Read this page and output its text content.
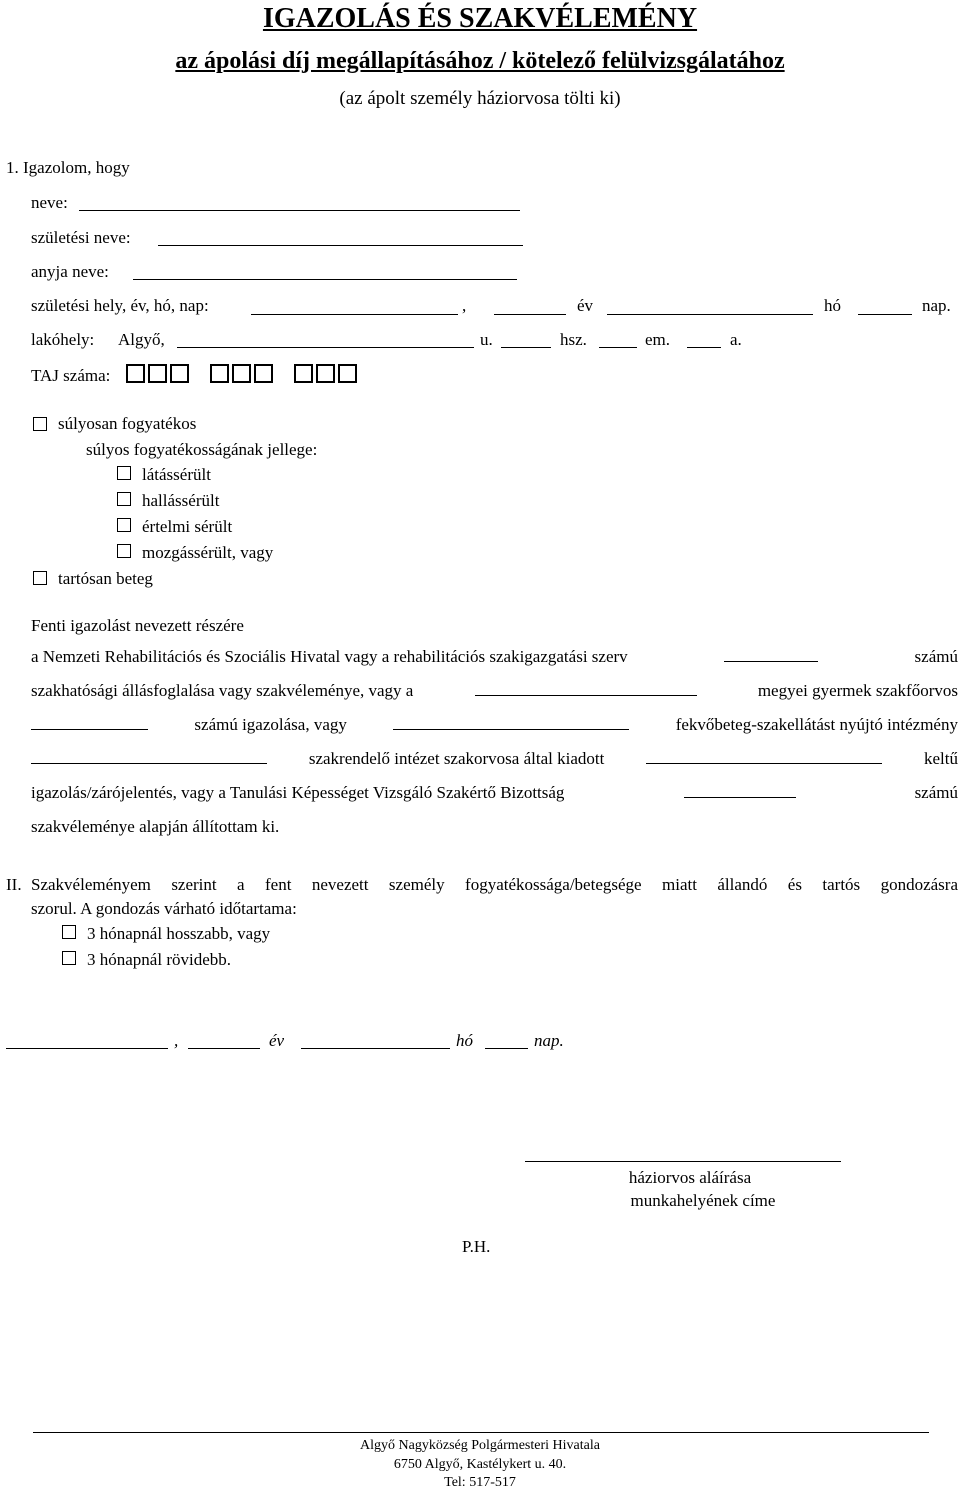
IGAZOLÁS ÉS SZAKVÉLEMÉNY
az ápolási díj megállapításához / kötelező felülvizsgálatához
(az ápolt személy háziorvosa tölti ki)
1. Igazolom, hogy
neve:
születési neve:
anyja neve:
születési hely, év, hó, nap:	,	év	hó	nap.
lakóhely: Algyő,	u.	hsz.	em.	a.
TAJ száma:
súlyosan fogyatékos
súlyos fogyatékosságának jellege:
látássérült
hallássérült
értelmi sérült
mozgássérült, vagy
tartósan beteg
Fenti igazolást nevezett részére
a Nemzeti Rehabilitációs és Szociális Hivatal vagy a rehabilitációs szakigazgatási szerv	számú
szakhatósági állásfoglalása vagy szakvéleménye, vagy a	megyei gyermek szakfőorvos
számú igazolása, vagy	fekvőbeteg-szakellátást nyújtó intézmény
szakrendelő intézet szakorvosa által kiadott	keltű
igazolás/zárójelentés, vagy a Tanulási Képességet Vizsgáló Szakértő Bizottság	számú
szakvéleménye alapján állítottam ki.
II. Szakvéleményem szerint a fent nevezett személy fogyatékossága/betegsége miatt állandó és tartós gondozásra
szorul. A gondozás várható időtartama:
3 hónapnál hosszabb, vagy
3 hónapnál rövidebb.
,	év	hó	nap.
háziorvos aláírása
munkahelyének címe
P.H.
Algyő Nagyközség Polgármesteri Hivatala
6750 Algyő, Kastélykert u. 40.
Tel: 517-517
